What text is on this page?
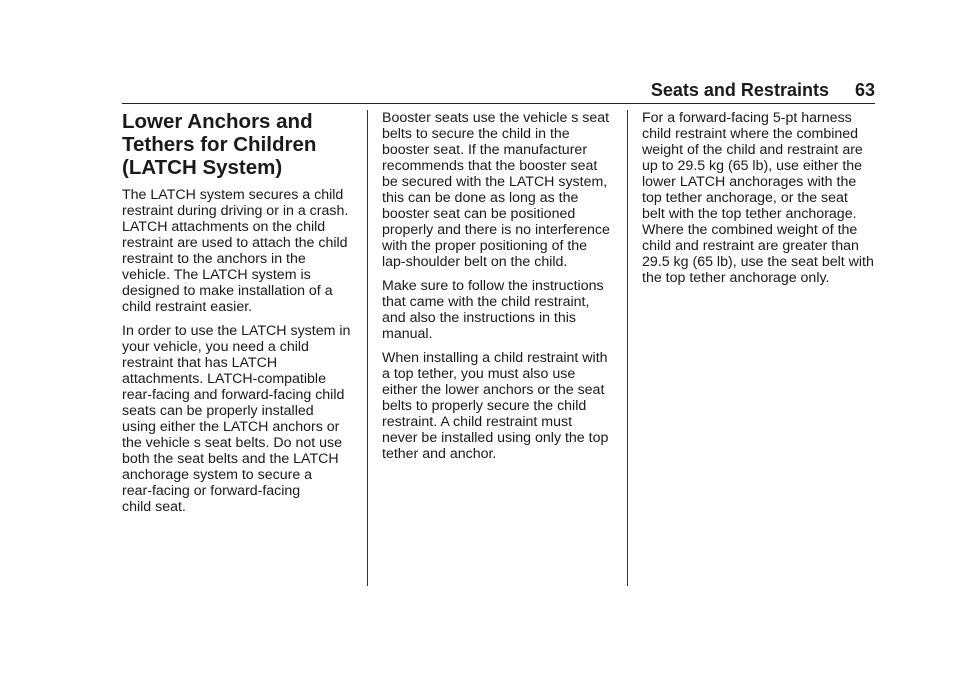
Seats and Restraints 63
Lower Anchors and
Tethers for Children
(LATCH System)

The LATCH system secures a child
restraint during driving or in a crash.
LATCH attachments on the child
restraint are used to attach the child
restraint to the anchors in the
vehicle. The LATCH system is
designed to make installation of a
child restraint easier.

In order to use the LATCH system in
your vehicle, you need a child
restraint that has LATCH
attachments. LATCH-compatible
rear-facing and forward-facing child
seats can be properly installed
using either the LATCH anchors or
the vehicle s seat belts. Do not use
both the seat belts and the LATCH
anchorage system to secure a
rear-facing or forward-facing
child seat.

Booster seats use the vehicle s seat
belts to secure the child in the
booster seat. If the manufacturer
recommends that the booster seat
be secured with the LATCH system,
this can be done as long as the
booster seat can be positioned
properly and there is no interference
with the proper positioning of the
lap-shoulder belt on the child.

Make sure to follow the instructions
that came with the child restraint,
and also the instructions in this
manual.

When installing a child restraint with
a top tether, you must also use
either the lower anchors or the seat
belts to properly secure the child
restraint. A child restraint must
never be installed using only the top
tether and anchor.

For a forward-facing 5-pt harness
child restraint where the combined
weight of the child and restraint are
up to 29.5 kg (65 lb), use either the
lower LATCH anchorages with the
top tether anchorage, or the seat
belt with the top tether anchorage.
Where the combined weight of the
child and restraint are greater than
29.5 kg (65 lb), use the seat belt with
the top tether anchorage only.
